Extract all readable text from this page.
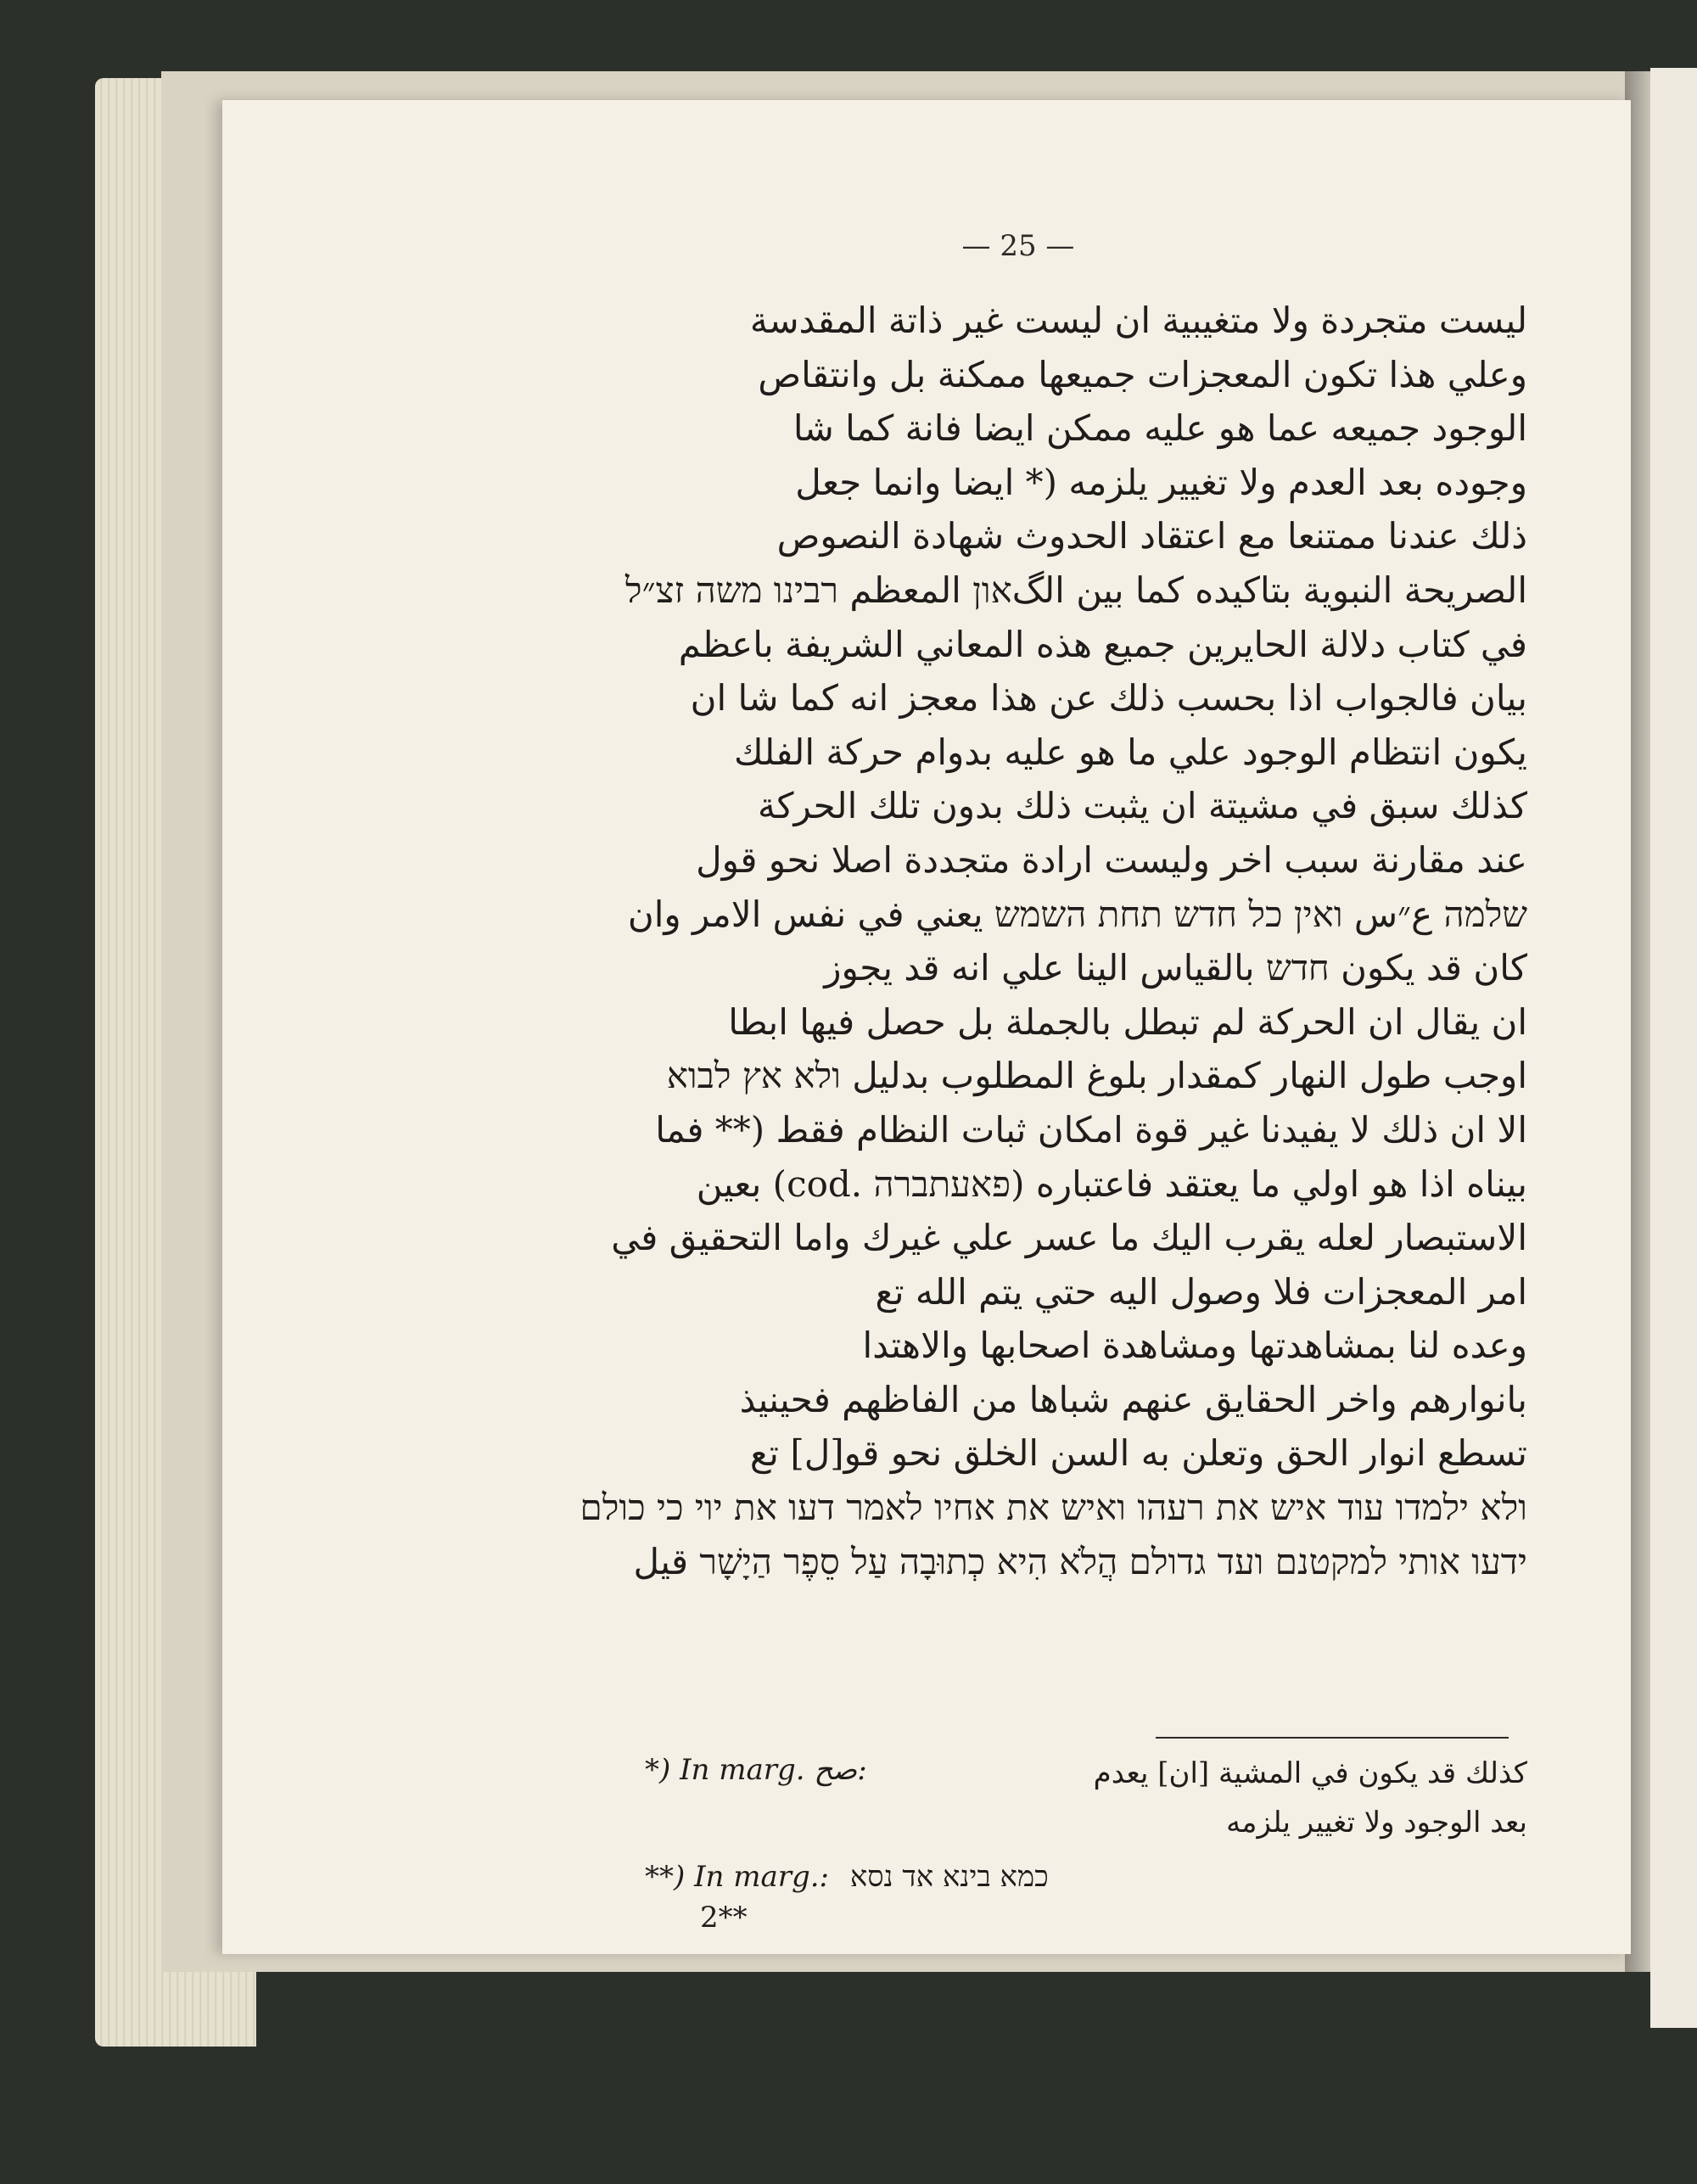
— 25 —
ليست متجردة ولا متغيبية ان ليست غير ذاتة المقدسة
وعلي هذا تكون المعجزات جميعها ممكنة بل وانتقاص
الوجود جميعه عما هو عليه ممكن ايضا فانة كما شا
وجوده بعد العدم ولا تغيير يلزمه (* ايضا وانما جعل
ذلك عندنا ممتنعا مع اعتقاد الحدوث شهادة النصوص
الصريحة النبوية بتاكيده كما بين الگאון المعظم רבינו משה זצ״ל
في كتاب دلالة الحايرين جميع هذه المعاني الشريفة باعظم
بيان فالجواب اذا بحسب ذلك عن هذا معجز انه كما شا ان
يكون انتظام الوجود علي ما هو عليه بدوام حركة الفلك
كذلك سبق في مشيتة ان يثبت ذلك بدون تلك الحركة
عند مقارنة سبب اخر وليست ارادة متجددة اصلا نحو قول
שלמה ع״س ואין כל חדש תחת השמש يعني في نفس الامر وان
كان قد يكون חדש بالقياس الينا علي انه قد يجوز
ان يقال ان الحركة لم تبطل بالجملة بل حصل فيها ابطا
اوجب طول النهار كمقدار بلوغ المطلوب بدليل ולא אץ לבוא
الا ان ذلك لا يفيدنا غير قوة امكان ثبات النظام فقط (** فما
بيناه اذا هو اولي ما يعتقد فاعتباره (פאעתברה .cod) بعين
الاستبصار لعله يقرب اليك ما عسر علي غيرك واما التحقيق في
امر المعجزات فلا وصول اليه حتي يتم الله تع
وعده لنا بمشاهدتها ومشاهدة اصحابها والاهتدا
بانوارهم واخر الحقايق عنهم شباها من الفاظهم فحينيذ
تسطع انوار الحق وتعلن به السن الخلق نحو قو[ل] تع
ולא ילמדו עוד איש את רעהו ואיש את אחיו לאמר דעו את יוי כי כולם
ידעו אותי למקטנם ועד גדולם הֲלֹא הִיא כְתוּבָה עַל סֵפֶר הַיָשָׁר قيل
*) In marg. صح:	كذلك قد يكون في المشية [ان] يعدم
بعد الوجود ولا تغيير يلزمه
**) In marg.: כמא בינא אד נסא
2**
